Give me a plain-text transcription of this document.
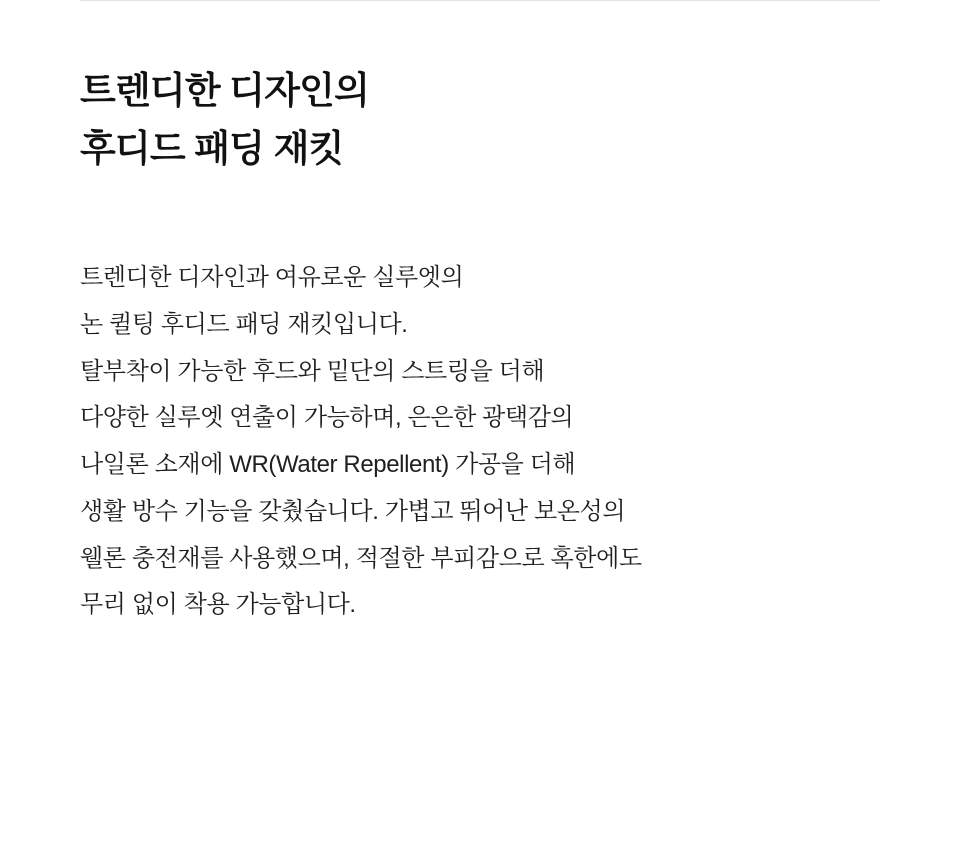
트렌디한 디자인의
후디드 패딩 재킷
트렌디한 디자인과 여유로운 실루엣의
논 퀼팅 후디드 패딩 재킷입니다.
탈부착이 가능한 후드와 밑단의 스트링을 더해
다양한 실루엣 연출이 가능하며, 은은한 광택감의
나일론 소재에 WR(Water Repellent) 가공을 더해
생활 방수 기능을 갖췄습니다. 가볍고 뛰어난 보온성의
웰론 충전재를 사용했으며, 적절한 부피감으로 혹한에도
무리 없이 착용 가능합니다.
